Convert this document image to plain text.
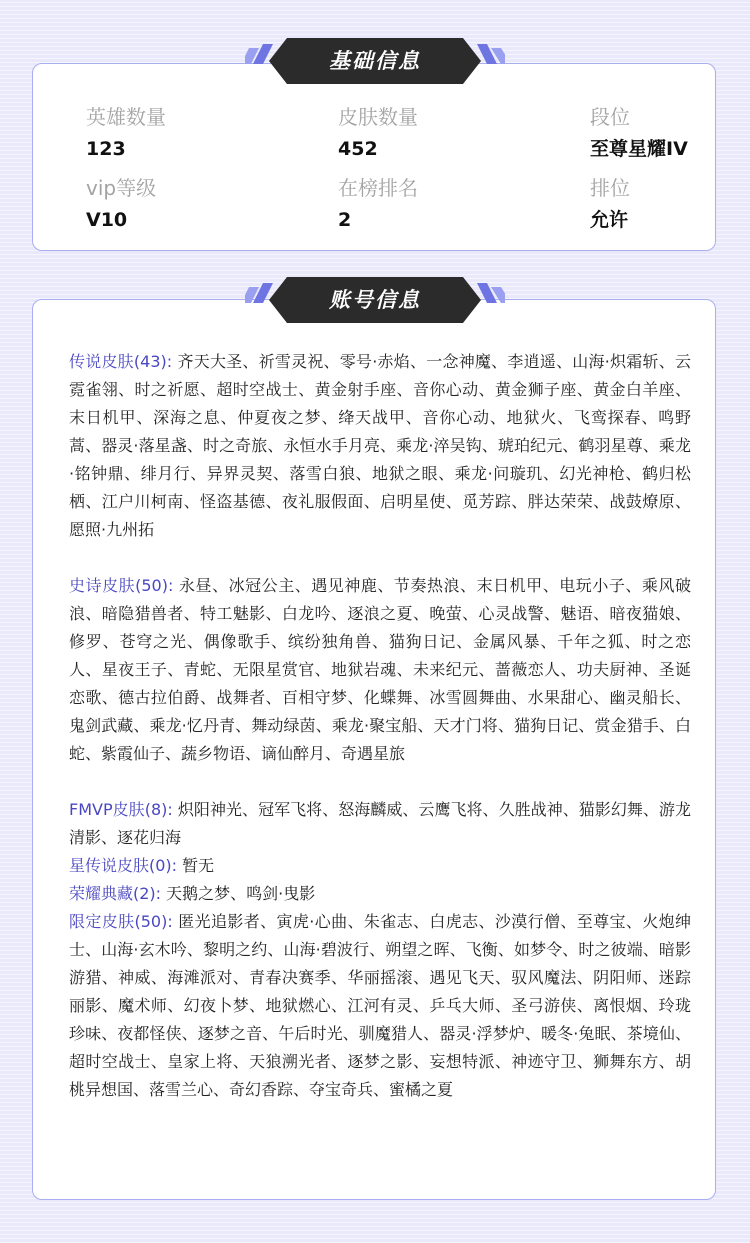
英雄数量
123
皮肤数量
452
段位
至尊星耀IV
vip等级
V10
在榜排名
2
排位
允许

传说皮肤(43): 齐天大圣、祈雪灵祝、零号·赤焰、一念神魔、李逍遥、山海·炽霜斩、云霓雀翎、时之祈愿、超时空战士、黄金射手座、音你心动、黄金狮子座、黄金白羊座、末日机甲、深海之息、仲夏夜之梦、绛天战甲、音你心动、地狱火、飞鸾探春、鸣野蒿、器灵·落星盏、时之奇旅、永恒水手月亮、乘龙·淬吴钩、琥珀纪元、鹤羽星尊、乘龙·铭钟鼎、绯月行、异界灵契、落雪白狼、地狱之眼、乘龙·问璇玑、幻光神枪、鹤归松栖、江户川柯南、怪盗基德、夜礼服假面、启明星使、觅芳踪、胖达荣荣、战鼓燎原、愿照·九州拓

史诗皮肤(50): 永昼、冰冠公主、遇见神鹿、节奏热浪、末日机甲、电玩小子、乘风破浪、暗隐猎兽者、特工魅影、白龙吟、逐浪之夏、晚萤、心灵战警、魅语、暗夜猫娘、修罗、苍穹之光、偶像歌手、缤纷独角兽、猫狗日记、金属风暴、千年之狐、时之恋人、星夜王子、青蛇、无限星赏官、地狱岩魂、未来纪元、蔷薇恋人、功夫厨神、圣诞恋歌、德古拉伯爵、战舞者、百相守梦、化蝶舞、冰雪圆舞曲、水果甜心、幽灵船长、鬼剑武藏、乘龙·忆丹青、舞动绿茵、乘龙·聚宝船、天才门将、猫狗日记、赏金猎手、白蛇、紫霞仙子、蔬乡物语、谪仙醉月、奇遇星旅

FMVP皮肤(8): 炽阳神光、冠军飞将、怒海麟威、云鹰飞将、久胜战神、猫影幻舞、游龙清影、逐花归海

星传说皮肤(0): 暂无

荣耀典藏(2): 天鹅之梦、鸣剑·曳影

限定皮肤(50): 匿光追影者、寅虎·心曲、朱雀志、白虎志、沙漠行僧、至尊宝、火炮绅士、山海·玄木吟、黎明之约、山海·碧波行、朔望之晖、飞衡、如梦令、时之彼端、暗影游猎、神威、海滩派对、青春决赛季、华丽摇滚、遇见飞天、驭风魔法、阴阳师、迷踪丽影、魔术师、幻夜卜梦、地狱燃心、江河有灵、乒乓大师、圣弓游侠、离恨烟、玲珑珍味、夜都怪侠、逐梦之音、午后时光、驯魔猎人、器灵·浮梦炉、暖冬·兔眠、茶境仙、超时空战士、皇家上将、天狼溯光者、逐梦之影、妄想特派、神迹守卫、狮舞东方、胡桃异想国、落雪兰心、奇幻香踪、夺宝奇兵、蜜橘之夏

基础信息
账号信息
